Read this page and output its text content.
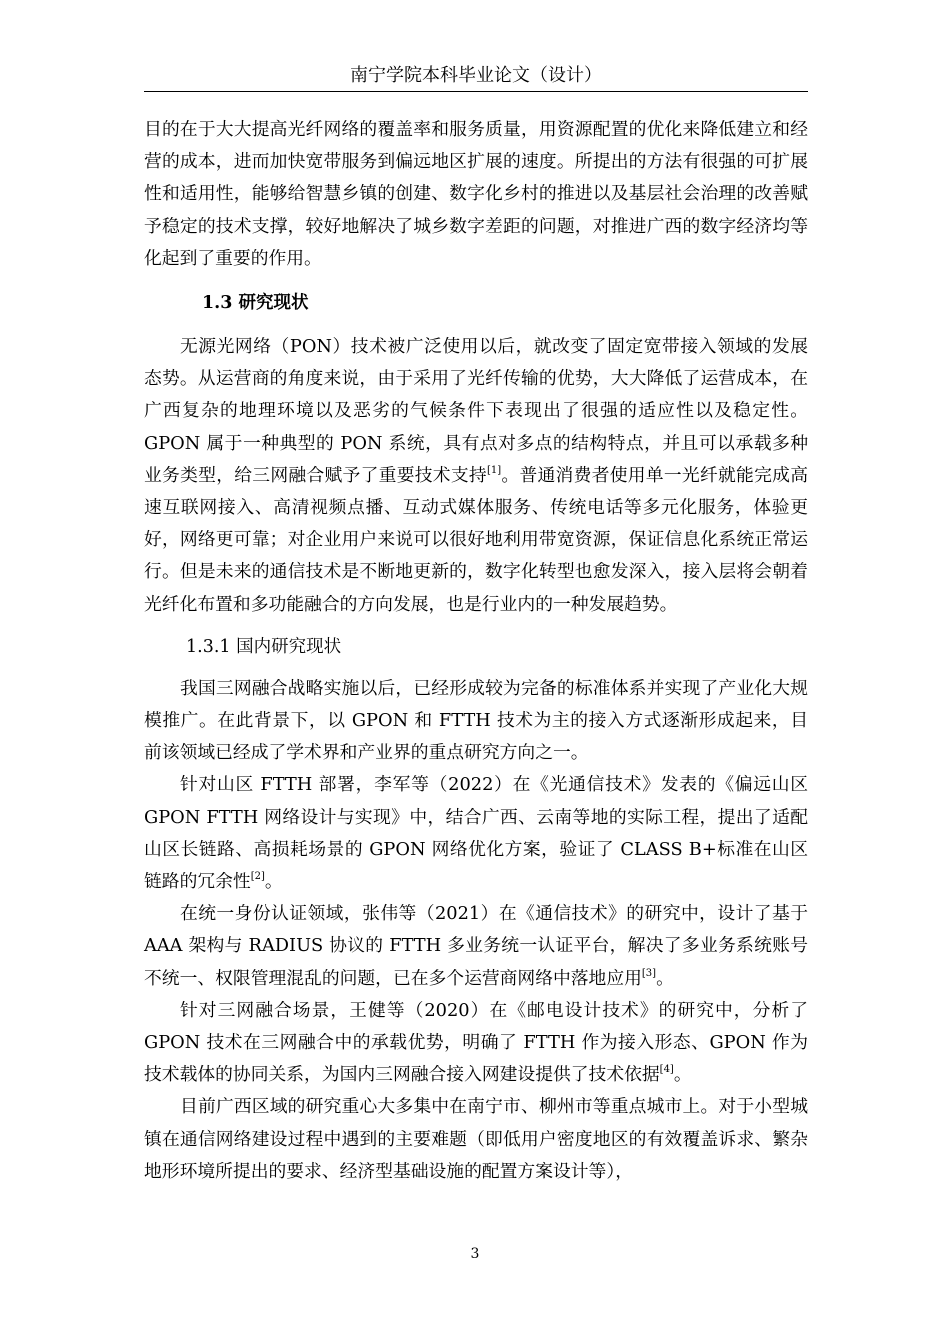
南宁学院本科毕业论文（设计）

目的在于大大提高光纤网络的覆盖率和服务质量，用资源配置的优化来降低建立和经营的成本，进而加快宽带服务到偏远地区扩展的速度。所提出的方法有很强的可扩展性和适用性，能够给智慧乡镇的创建、数字化乡村的推进以及基层社会治理的改善赋予稳定的技术支撑，较好地解决了城乡数字差距的问题，对推进广西的数字经济均等化起到了重要的作用。

1.3 研究现状

无源光网络（PON）技术被广泛使用以后，就改变了固定宽带接入领域的发展态势。从运营商的角度来说，由于采用了光纤传输的优势，大大降低了运营成本，在广西复杂的地理环境以及恶劣的气候条件下表现出了很强的适应性以及稳定性。GPON 属于一种典型的 PON 系统，具有点对多点的结构特点，并且可以承载多种业务类型，给三网融合赋予了重要技术支持[1]。普通消费者使用单一光纤就能完成高速互联网接入、高清视频点播、互动式媒体服务、传统电话等多元化服务，体验更好，网络更可靠；对企业用户来说可以很好地利用带宽资源，保证信息化系统正常运行。但是未来的通信技术是不断地更新的，数字化转型也愈发深入，接入层将会朝着光纤化布置和多功能融合的方向发展，也是行业内的一种发展趋势。

1.3.1 国内研究现状

我国三网融合战略实施以后，已经形成较为完备的标准体系并实现了产业化大规模推广。在此背景下，以 GPON 和 FTTH 技术为主的接入方式逐渐形成起来，目前该领域已经成了学术界和产业界的重点研究方向之一。

针对山区 FTTH 部署，李军等（2022）在《光通信技术》发表的《偏远山区 GPON FTTH 网络设计与实现》中，结合广西、云南等地的实际工程，提出了适配山区长链路、高损耗场景的 GPON 网络优化方案，验证了 CLASS B+标准在山区链路的冗余性[2]。

在统一身份认证领域，张伟等（2021）在《通信技术》的研究中，设计了基于 AAA 架构与 RADIUS 协议的 FTTH 多业务统一认证平台，解决了多业务系统账号不统一、权限管理混乱的问题，已在多个运营商网络中落地应用[3]。

针对三网融合场景，王健等（2020）在《邮电设计技术》的研究中，分析了 GPON 技术在三网融合中的承载优势，明确了 FTTH 作为接入形态、GPON 作为技术载体的协同关系，为国内三网融合接入网建设提供了技术依据[4]。

目前广西区域的研究重心大多集中在南宁市、柳州市等重点城市上。对于小型城镇在通信网络建设过程中遇到的主要难题（即低用户密度地区的有效覆盖诉求、繁杂地形环境所提出的要求、经济型基础设施的配置方案设计等），

3
